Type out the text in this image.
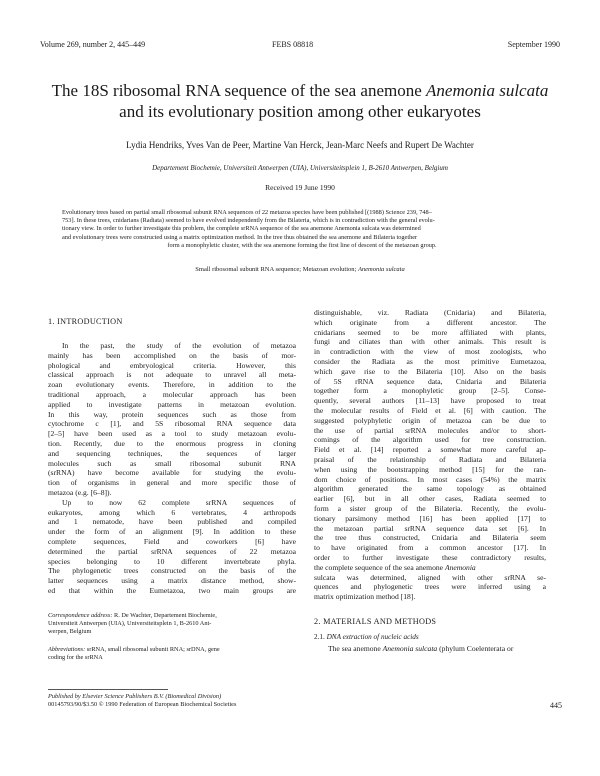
Volume 269, number 2, 445–449	FEBS 08818	September 1990
The 18S ribosomal RNA sequence of the sea anemone Anemonia sulcata
and its evolutionary position among other eukaryotes
Lydia Hendriks, Yves Van de Peer, Martine Van Herck, Jean-Marc Neefs and Rupert De Wachter
Departement Biochemie, Universiteit Antwerpen (UIA), Universiteitsplein 1, B-2610 Antwerpen, Belgium
Received 19 June 1990
Evolutionary trees based on partial small ribosomal subunit RNA sequences of 22 metazoa species have been published [(1988) Science 239, 748–
753]. In these trees, cnidarians (Radiata) seemed to have evolved independently from the Bilateria, which is in contradiction with the general evolu-
tionary view. In order to further investigate this problem, the complete srRNA sequence of the sea anemone Anemonia sulcata was determined
and evolutionary trees were constructed using a matrix optimization method. In the tree thus obtained the sea anemone and Bilateria together
form a monophyletic cluster, with the sea anemone forming the first line of descent of the metazoan group.
Small ribosomal subunit RNA sequence; Metazoan evolution; Anemonia sulcata
1. INTRODUCTION
In the past, the study of the evolution of metazoa
mainly has been accomplished on the basis of mor-
phological and embryological criteria. However, this
classical approach is not adequate to unravel all meta-
zoan evolutionary events. Therefore, in addition to the
traditional approach, a molecular approach has been
applied to investigate patterns in metazoan evolution.
In this way, protein sequences such as those from
cytochrome c [1], and 5S ribosomal RNA sequence data
[2–5] have been used as a tool to study metazoan evolu-
tion. Recently, due to the enormous progress in cloning
and sequencing techniques, the sequences of larger
molecules such as small ribosomal subunit RNA
(srRNA) have become available for studying the evolu-
tion of organisms in general and more specific those of
metazoa (e.g. [6–8]).
Up to now 62 complete srRNA sequences of
eukaryotes, among which 6 vertebrates, 4 arthropods
and 1 nematode, have been published and compiled
under the form of an alignment [9]. In addition to these
complete sequences, Field and coworkers [6] have
determined the partial srRNA sequences of 22 metazoa
species belonging to 10 different invertebrate phyla.
The phylogenetic trees constructed on the basis of the
latter sequences using a matrix distance method, show-
ed that within the Eumetazoa, two main groups are
Correspondence address: R. De Wachter, Departement Biochemie,
Universiteit Antwerpen (UIA), Universiteitsplein 1, B-2610 Ant-
werpen, Belgium
Abbreviations: srRNA, small ribosomal subunit RNA; srDNA, gene
coding for the srRNA
Published by Elsevier Science Publishers B.V. (Biomedical Division)
00145793/90/$3.50 © 1990 Federation of European Biochemical Societies	445
distinguishable, viz. Radiata (Cnidaria) and Bilateria,
which originate from a different ancestor. The
cnidarians seemed to be more affiliated with plants,
fungi and ciliates than with other animals. This result is
in contradiction with the view of most zoologists, who
consider the Radiata as the most primitive Eumetazoa,
which gave rise to the Bilateria [10]. Also on the basis
of 5S rRNA sequence data, Cnidaria and Bilateria
together form a monophyletic group [2–5]. Conse-
quently, several authors [11–13] have proposed to treat
the molecular results of Field et al. [6] with caution. The
suggested polyphyletic origin of metazoa can be due to
the use of partial srRNA molecules and/or to short-
comings of the algorithm used for tree construction.
Field et al. [14] reported a somewhat more careful ap-
praisal of the relationship of Radiata and Bilateria
when using the bootstrapping method [15] for the ran-
dom choice of positions. In most cases (54%) the matrix
algorithm generated the same topology as obtained
earlier [6], but in all other cases, Radiata seemed to
form a sister group of the Bilateria. Recently, the evolu-
tionary parsimony method [16] has been applied [17] to
the metazoan partial srRNA sequence data set [6]. In
the tree thus constructed, Cnidaria and Bilateria seem
to have originated from a common ancestor [17]. In
order to further investigate these contradictory results,
the complete sequence of the sea anemone Anemonia
sulcata was determined, aligned with other srRNA se-
quences and phylogenetic trees were inferred using a
matrix optimization method [18].
2. MATERIALS AND METHODS
2.1. DNA extraction of nucleic acids
The sea anemone Anemonia sulcata (phylum Coelenterata or
